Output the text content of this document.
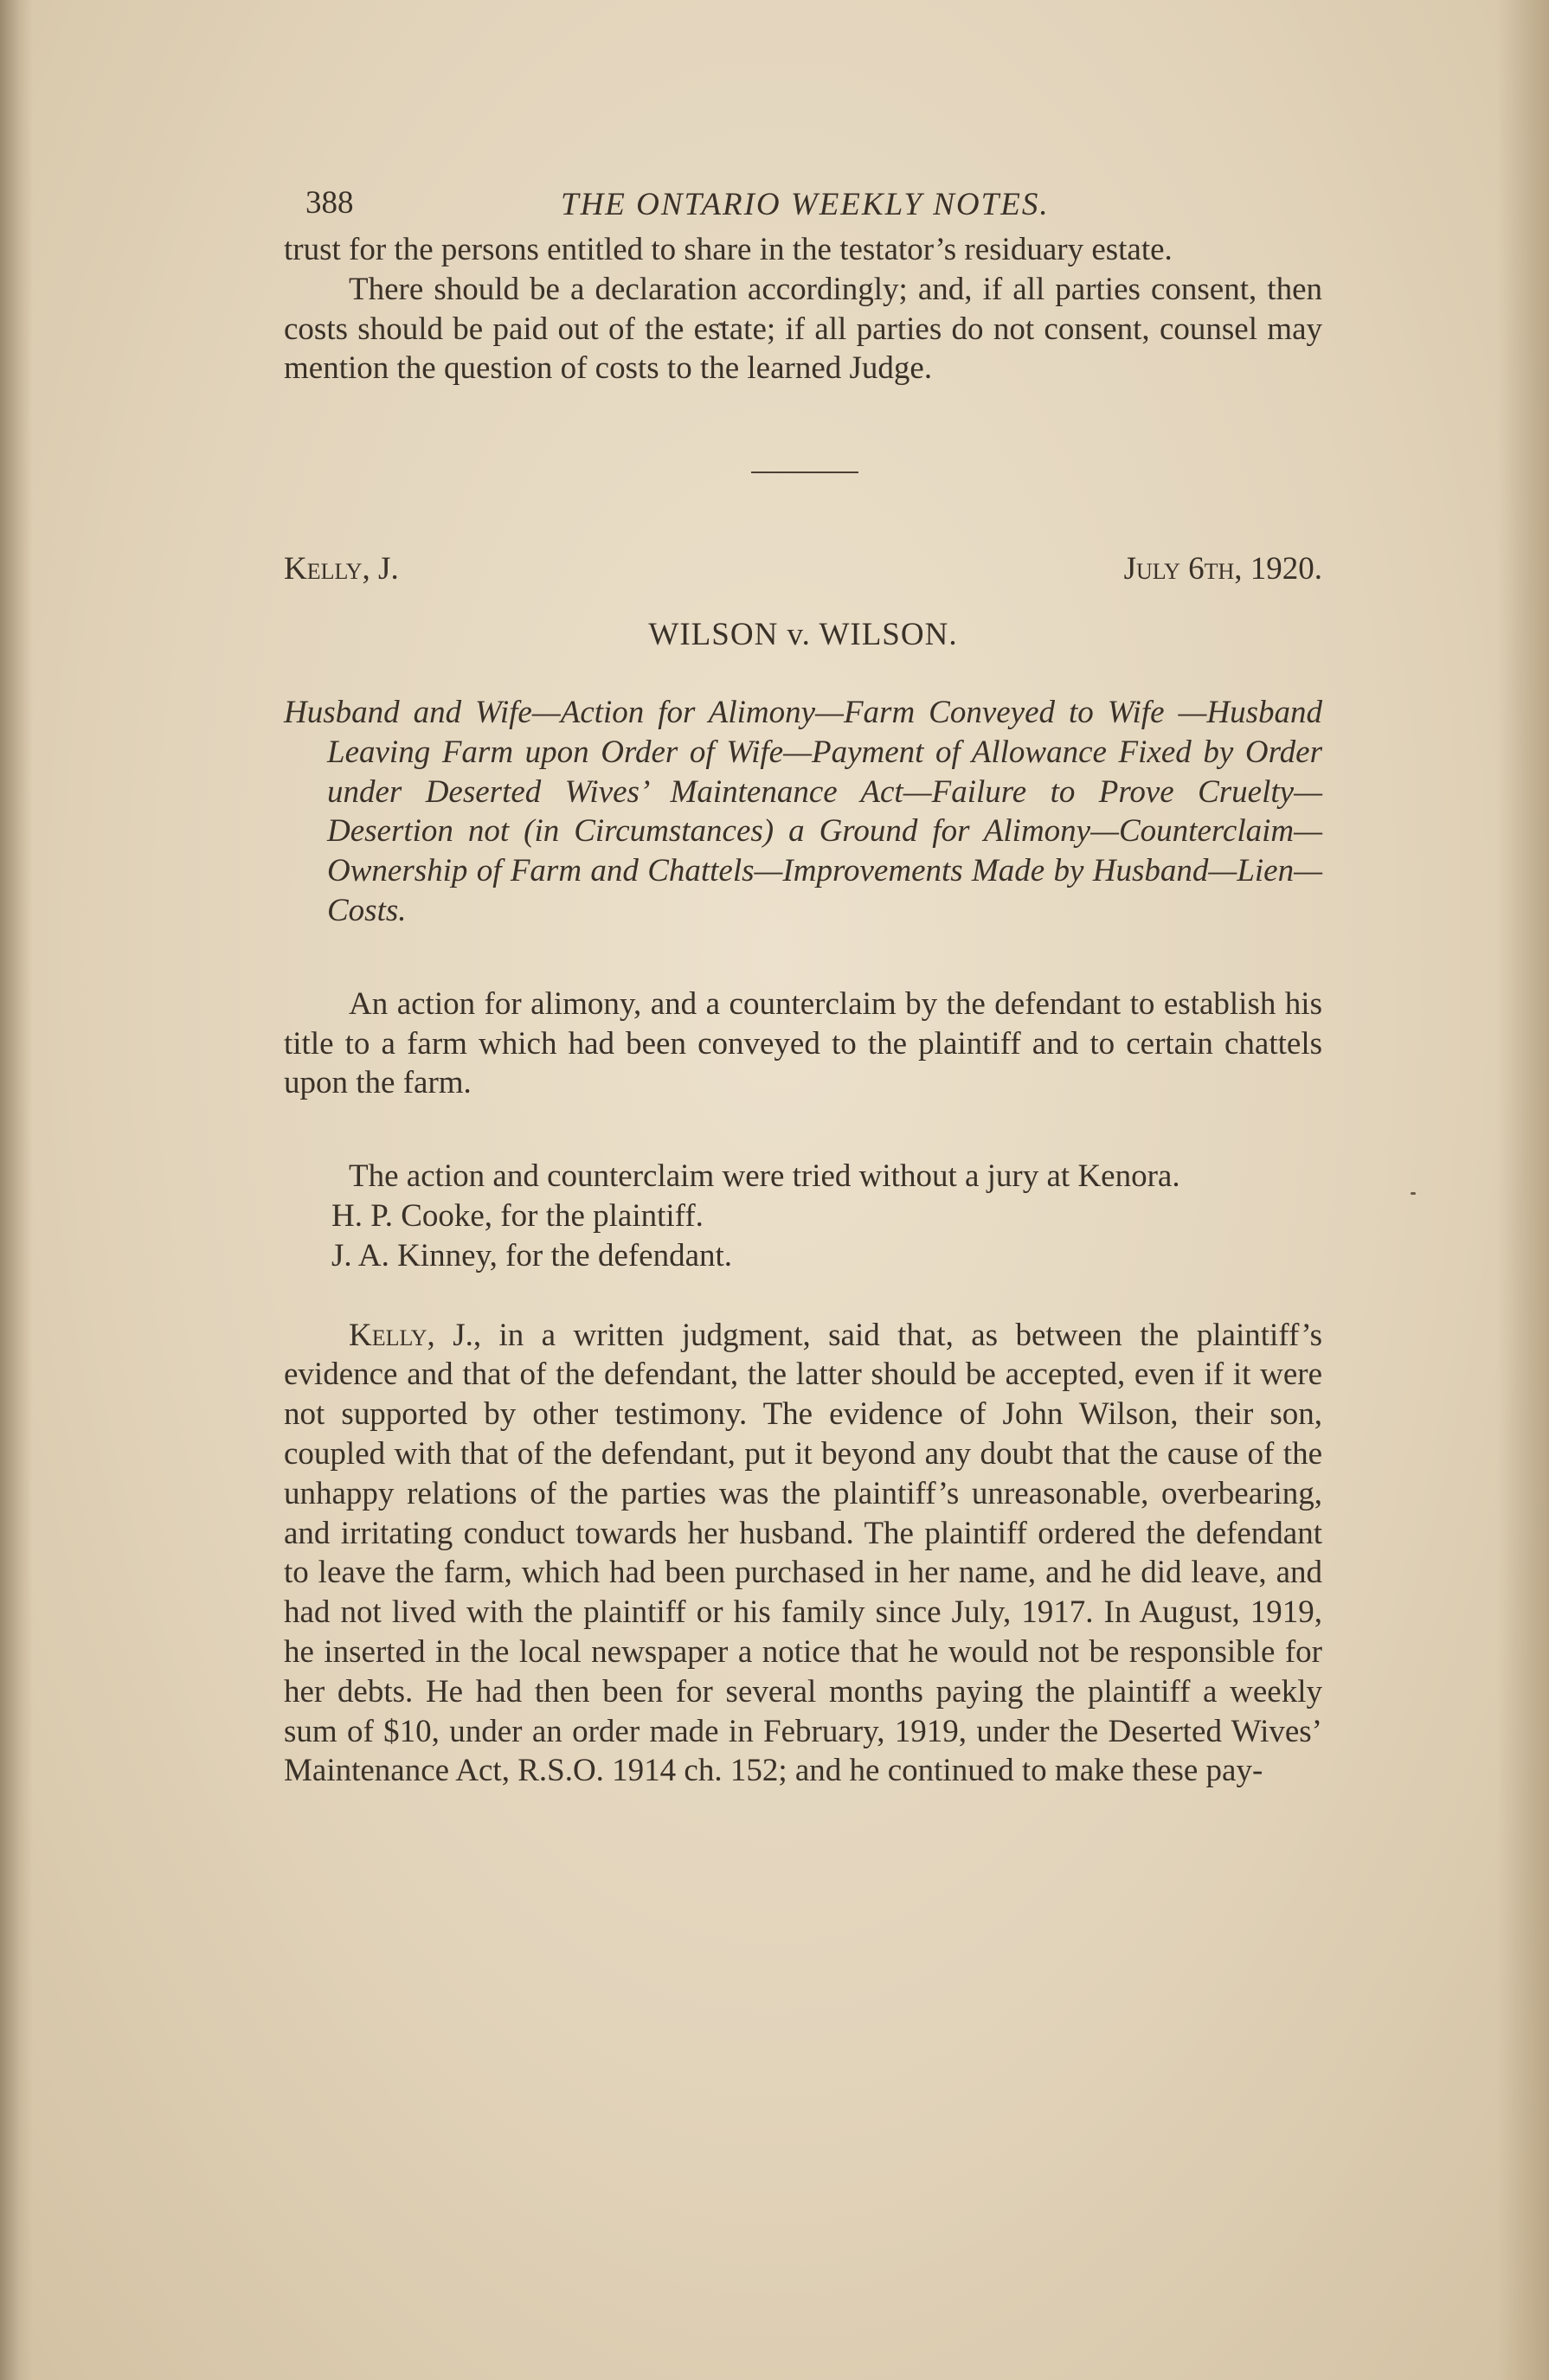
388	THE ONTARIO WEEKLY NOTES.

trust for the persons entitled to share in the testator’s residuary estate.

There should be a declaration accordingly; and, if all parties consent, then costs should be paid out of the estate; if all parties do not consent, counsel may mention the question of costs to the learned Judge.

Kelly, J.	July 6th, 1920.
WILSON v. WILSON.

Husband and Wife—Action for Alimony—Farm Conveyed to Wife —Husband Leaving Farm upon Order of Wife—Payment of Allowance Fixed by Order under Deserted Wives’ Maintenance Act—Failure to Prove Cruelty—Desertion not (in Circumstances) a Ground for Alimony—Counterclaim—Ownership of Farm and Chattels—Improvements Made by Husband—Lien— Costs.

An action for alimony, and a counterclaim by the defendant to establish his title to a farm which had been conveyed to the plaintiff and to certain chattels upon the farm.

The action and counterclaim were tried without a jury at Kenora.

H. P. Cooke, for the plaintiff.

J. A. Kinney, for the defendant.

Kelly, J., in a written judgment, said that, as between the plaintiff’s evidence and that of the defendant, the latter should be accepted, even if it were not supported by other testimony. The evidence of John Wilson, their son, coupled with that of the defendant, put it beyond any doubt that the cause of the unhappy relations of the parties was the plaintiff’s unreasonable, overbearing, and irritating conduct towards her husband. The plaintiff ordered the defendant to leave the farm, which had been purchased in her name, and he did leave, and had not lived with the plaintiff or his family since July, 1917. In August, 1919, he inserted in the local newspaper a notice that he would not be responsible for her debts. He had then been for several months paying the plaintiff a weekly sum of $10, under an order made in February, 1919, under the Deserted Wives’ Maintenance Act, R.S.O. 1914 ch. 152; and he continued to make these pay-
